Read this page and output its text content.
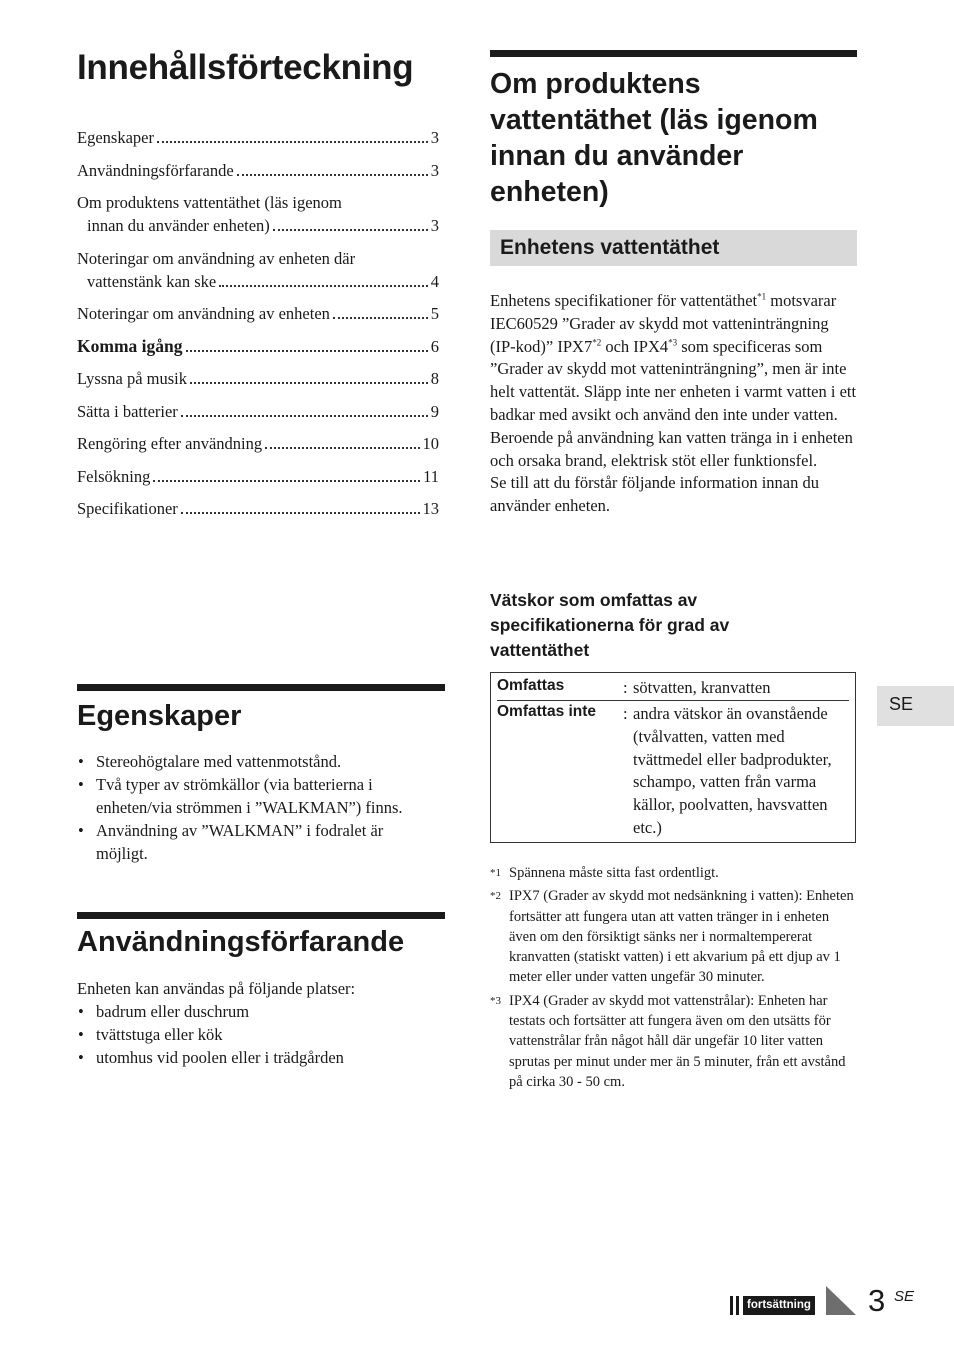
Innehållsförteckning
Egenskaper	3
Användningsförfarande	3
Om produktens vattentäthet (läs igenom
innan du använder enheten)	3
Noteringar om användning av enheten där
vattenstänk kan ske	4
Noteringar om användning av enheten	5
Komma igång	6
Lyssna på musik	8
Sätta i batterier	9
Rengöring efter användning	10
Felsökning	11
Specifikationer	13
Egenskaper
• Stereohögtalare med vattenmotstånd.
• Två typer av strömkällor (via batterierna i enheten/via strömmen i ”WALKMAN”) finns.
• Användning av ”WALKMAN” i fodralet är möjligt.
Användningsförfarande

Enheten kan användas på följande platser:

• badrum eller duschrum
• tvättstuga eller kök
• utomhus vid poolen eller i trädgården
Om produktens vattentäthet (läs igenom innan du använder enheten)
Enhetens vattentäthet

Enhetens specifikationer för vattentäthet$^{*1}$ motsvarar IEC60529 ”Grader av skydd mot vatteninträngning (IP-kod)” IPX7$^{*2}$ och IPX4$^{*3}$ som specificeras som ”Grader av skydd mot vatteninträngning”, men är inte helt vattentät. Släpp inte ner enheten i varmt vatten i ett badkar med avsikt och använd den inte under vatten. Beroende på användning kan vatten tränga in i enheten och orsaka brand, elektrisk stöt eller funktionsfel.

Se till att du förstår följande information innan du använder enheten.

Vätskor som omfattas av specifikationerna för grad av vattentäthet
Omfattas	: sötvatten, kranvatten
Omfattas inte : andra vätskor än ovanstående (tvålvatten, vatten med tvättmedel eller badprodukter, schampo, vatten från varma källor, poolvatten, havsvatten etc.)
*1 Spännena måste sitta fast ordentligt.
*2 IPX7 (Grader av skydd mot nedsänkning i vatten): Enheten fortsätter att fungera utan att vatten tränger in i enheten även om den försiktigt sänks ner i normaltempererat kranvatten (statiskt vatten) i ett akvarium på ett djup av 1 meter eller under vatten ungefär 30 minuter.
*3 IPX4 (Grader av skydd mot vattenstrålar): Enheten har testats och fortsätter att fungera även om den utsätts för vattenstrålar från något håll där ungefär 10 liter vatten sprutas per minut under mer än 5 minuter, från ett avstånd på cirka 30 - 50 cm.
SE
fortsättning 3 SE
